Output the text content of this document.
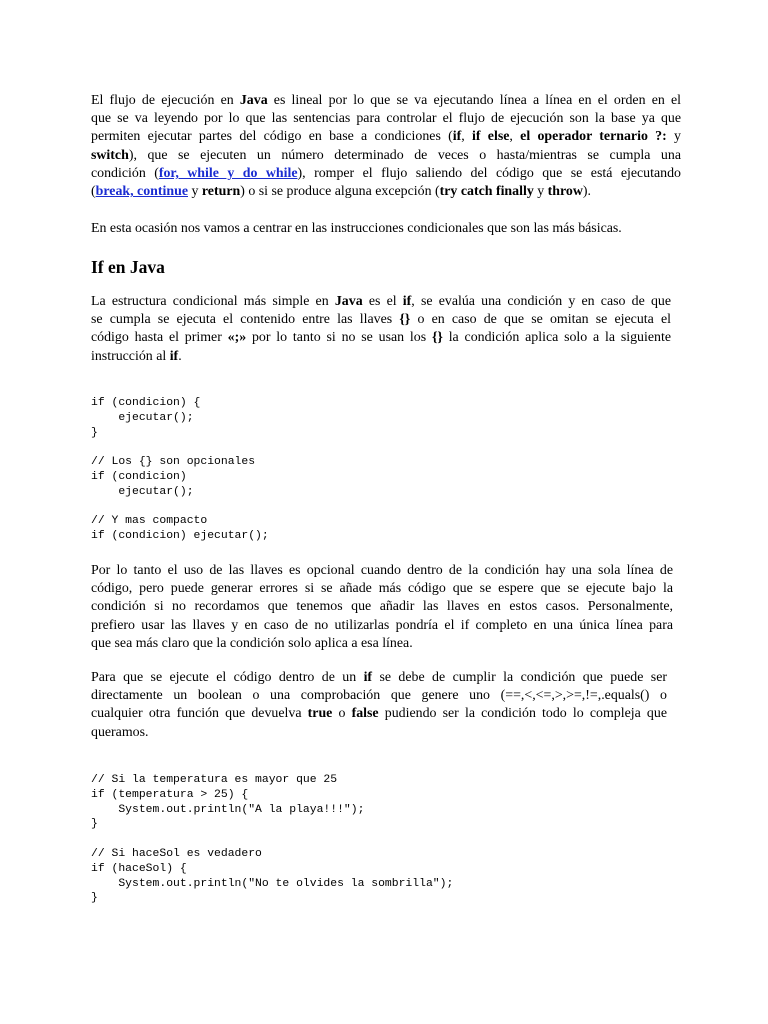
El flujo de ejecución en Java es lineal por lo que se va ejecutando línea a línea en el orden en el
que se va leyendo por lo que las sentencias para controlar el flujo de ejecución son la base ya que
permiten ejecutar partes del código en base a condiciones (if, if else, el operador ternario ?: y
switch), que se ejecuten un número determinado de veces o hasta/mientras se cumpla una
condición (for, while y do while), romper el flujo saliendo del código que se está ejecutando
(break, continue y return) o si se produce alguna excepción (try catch finally y throw).

En esta ocasión nos vamos a centrar en las instrucciones condicionales que son las más básicas.

If en Java

La estructura condicional más simple en Java es el if, se evalúa una condición y en caso de que
se cumpla se ejecuta el contenido entre las llaves {} o en caso de que se omitan se ejecuta el
código hasta el primer «;» por lo tanto si no se usan los {} la condición aplica solo a la siguiente
instrucción al if.

if (condicion) {
ejecutar();
}
// Los {} son opcionales
if (condicion)
ejecutar();
// Y mas compacto
if (condicion) ejecutar();

Por lo tanto el uso de las llaves es opcional cuando dentro de la condición hay una sola línea de
código, pero puede generar errores si se añade más código que se espere que se ejecute bajo la
condición si no recordamos que tenemos que añadir las llaves en estos casos. Personalmente,
prefiero usar las llaves y en caso de no utilizarlas pondría el if completo en una única línea para
que sea más claro que la condición solo aplica a esa línea.

Para que se ejecute el código dentro de un if se debe de cumplir la condición que puede ser
directamente un boolean o una comprobación que genere uno (==,<,<=,>,>=,!=,.equals() o
cualquier otra función que devuelva true o false pudiendo ser la condición todo lo compleja que
queramos.

// Si la temperatura es mayor que 25
if (temperatura > 25) {
System.out.println("A la playa!!!");
}
// Si haceSol es vedadero
if (haceSol) {
System.out.println("No te olvides la sombrilla");
}
